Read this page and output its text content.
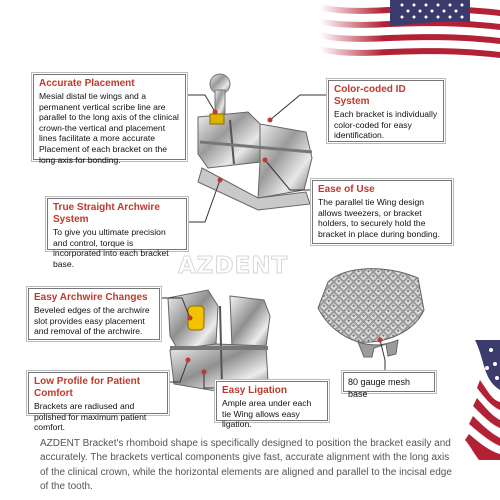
AZDENT
Accurate Placement
Mesial distal tie wings and a permanent vertical scribe line are parallel to the long axis of the clinical crown-the vertical and placement lines facilitate a more accurate Placement of each bracket on the long axis for bonding.
Color-coded ID System
Each bracket is individually color-coded for easy identification.
True Straight Archwire System
To give you ultimate precision and control, torque is incorporated into each bracket base.
Ease of Use
The parallel tie Wing design allows tweezers, or bracket holders, to securely hold the bracket in place during bonding.
Easy Archwire Changes
Beveled edges of the archwire slot provides easy placement and removal of the archwire.
Low Profile for Patient Comfort
Brackets are radiused and polished for maximum patient comfort.
Easy Ligation
Ample area under each tie Wing allows easy ligation.
80 gauge mesh base
AZDENT Bracket's rhomboid shape is specifically designed to position the bracket easily and accurately. The brackets vertical components give fast, accurate alignment with the long axis of the clinical crown, while the horizontal elements are aligned and parallel to the incisal edge of the tooth.
